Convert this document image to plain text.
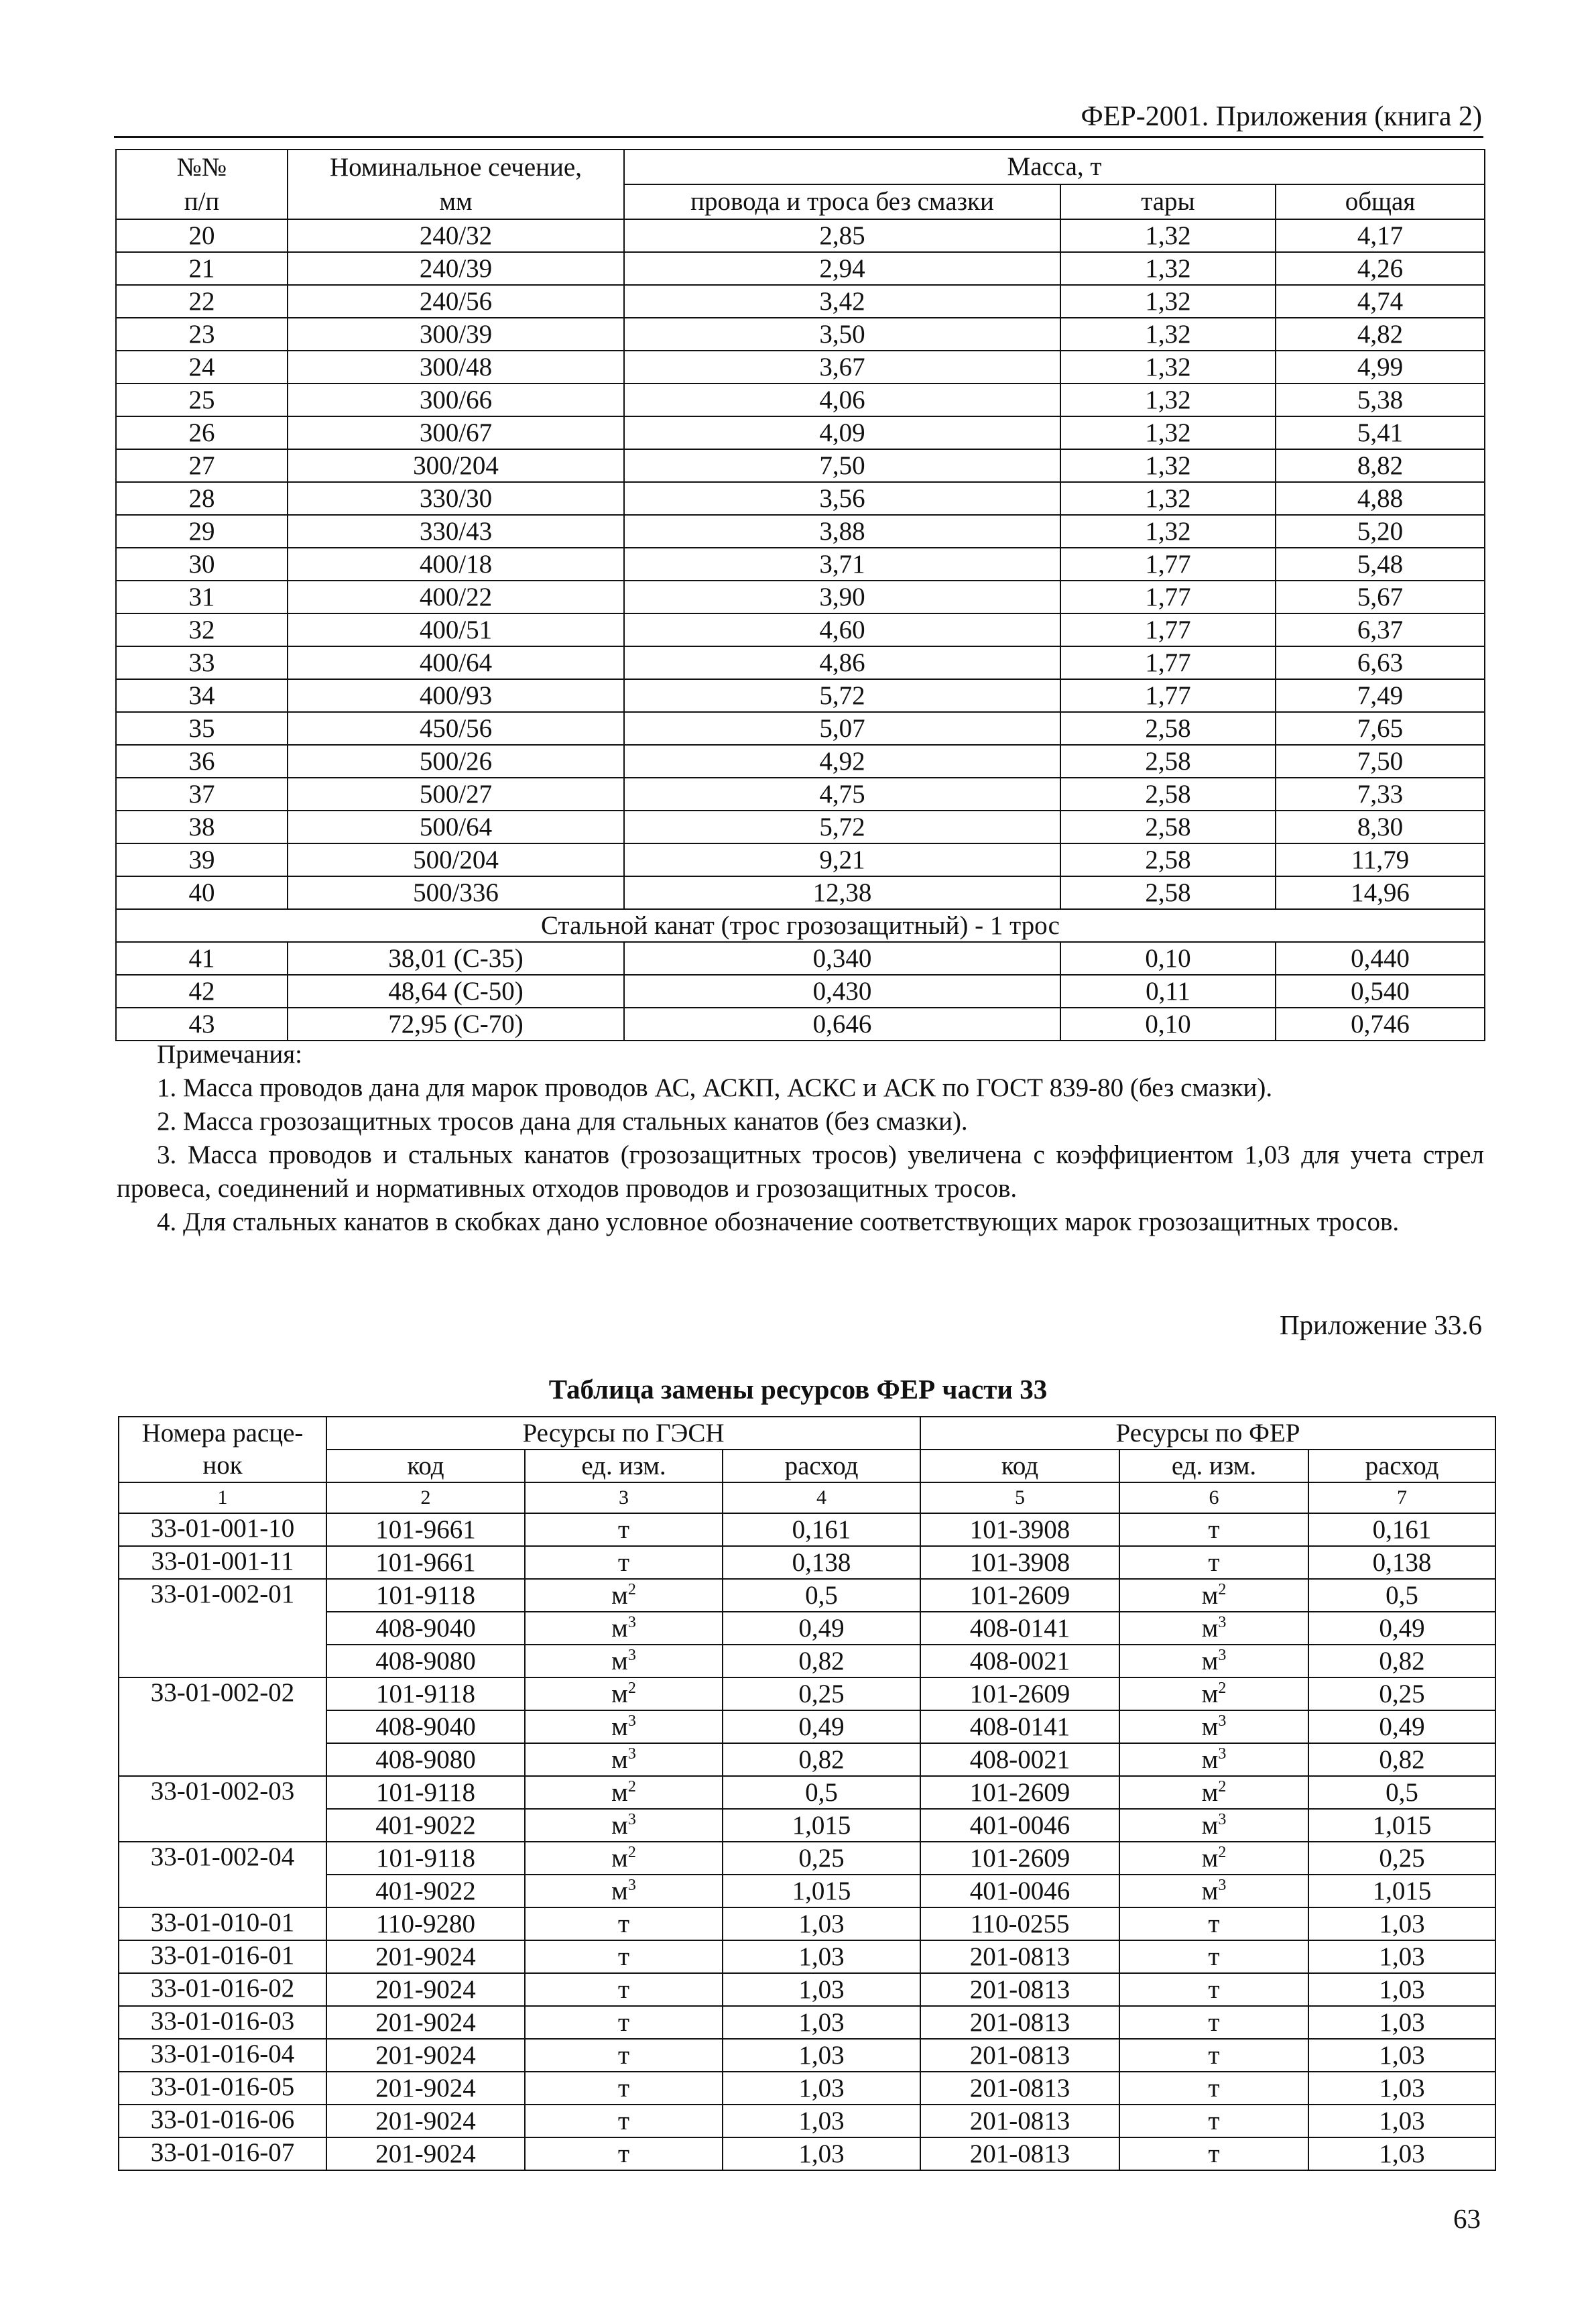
ФЕР-2001. Приложения (книга 2)
№№	Номинальное сечение,	Масса, т		
п/п	мм	провода и троса без смазки	тары	общая
20	240/32	2,85	1,32	4,17
21	240/39	2,94	1,32	4,26
22	240/56	3,42	1,32	4,74
23	300/39	3,50	1,32	4,82
24	300/48	3,67	1,32	4,99
25	300/66	4,06	1,32	5,38
26	300/67	4,09	1,32	5,41
27	300/204	7,50	1,32	8,82
28	330/30	3,56	1,32	4,88
29	330/43	3,88	1,32	5,20
30	400/18	3,71	1,77	5,48
31	400/22	3,90	1,77	5,67
32	400/51	4,60	1,77	6,37
33	400/64	4,86	1,77	6,63
34	400/93	5,72	1,77	7,49
35	450/56	5,07	2,58	7,65
36	500/26	4,92	2,58	7,50
37	500/27	4,75	2,58	7,33
38	500/64	5,72	2,58	8,30
39	500/204	9,21	2,58	11,79
40	500/336	12,38	2,58	14,96
Стальной канат (трос грозозащитный) - 1 трос				
41	38,01 (С-35)	0,340	0,10	0,440
42	48,64 (С-50)	0,430	0,11	0,540
43	72,95 (С-70)	0,646	0,10	0,746
Примечания:

1. Масса проводов дана для марок проводов АС, АСКП, АСКС и АСК по ГОСТ 839-80 (без смазки).

2. Масса грозозащитных тросов дана для стальных канатов (без смазки).

3. Масса проводов и стальных канатов (грозозащитных тросов) увеличена с коэффициентом 1,03 для учета стрел провеса, соединений и нормативных отходов проводов и грозозащитных тросов.

4. Для стальных канатов в скобках дано условное обозначение соответствующих марок грозозащитных тросов.

Приложение 33.6
Таблица замены ресурсов ФЕР части 33
Номера расце-	Ресурсы по ГЭСН			Ресурсы по ФЕР		
нок	код	ед. изм.	расход	код	ед. изм.	расход
1	2	3	4	5	6	7
33-01-001-10	101-9661	т	0,161	101-3908	т	0,161
33-01-001-11	101-9661	т	0,138	101-3908	т	0,138
33-01-002-01	101-9118	$м^2$	0,5	101-2609	$м^2$	0,5
	408-9040	$м^3$	0,49	408-0141	$м^3$	0,49
	408-9080	$м^3$	0,82	408-0021	$м^3$	0,82
33-01-002-02	101-9118	$м^2$	0,25	101-2609	$м^2$	0,25
	408-9040	$м^3$	0,49	408-0141	$м^3$	0,49
	408-9080	$м^3$	0,82	408-0021	$м^3$	0,82
33-01-002-03	101-9118	$м^2$	0,5	101-2609	$м^2$	0,5
	401-9022	$м^3$	1,015	401-0046	$м^3$	1,015
33-01-002-04	101-9118	$м^2$	0,25	101-2609	$м^2$	0,25
	401-9022	$м^3$	1,015	401-0046	$м^3$	1,015
33-01-010-01	110-9280	т	1,03	110-0255	т	1,03
33-01-016-01	201-9024	т	1,03	201-0813	т	1,03
33-01-016-02	201-9024	т	1,03	201-0813	т	1,03
33-01-016-03	201-9024	т	1,03	201-0813	т	1,03
33-01-016-04	201-9024	т	1,03	201-0813	т	1,03
33-01-016-05	201-9024	т	1,03	201-0813	т	1,03
33-01-016-06	201-9024	т	1,03	201-0813	т	1,03
33-01-016-07	201-9024	т	1,03	201-0813	т	1,03
63
